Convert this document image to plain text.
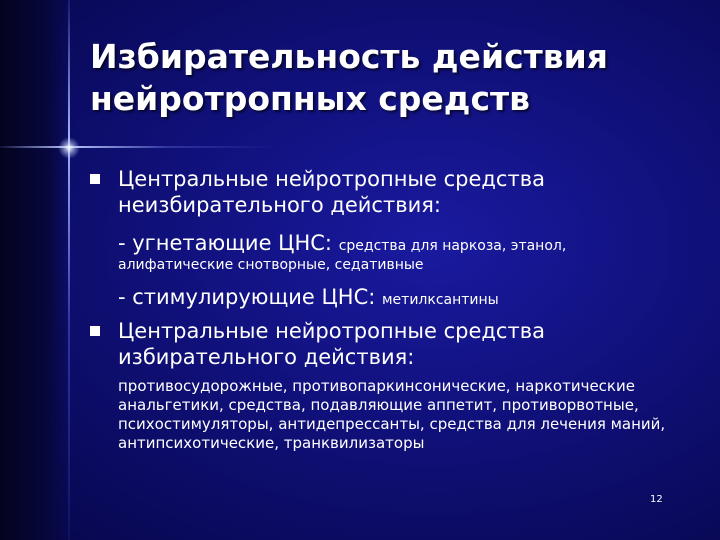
Избирательность действия
нейротропных средств
Центральные нейротропные средства
неизбирательного действия:
- угнетающие ЦНС: средства для наркоза, этанол,
алифатические снотворные, седативные
- стимулирующие ЦНС: метилксантины
Центральные нейротропные средства
избирательного действия:
противосудорожные, противопаркинсонические, наркотические анальгетики, средства, подавляющие аппетит, противорвотные, психостимуляторы, антидепрессанты, средства для лечения маний, антипсихотические, транквилизаторы
12
